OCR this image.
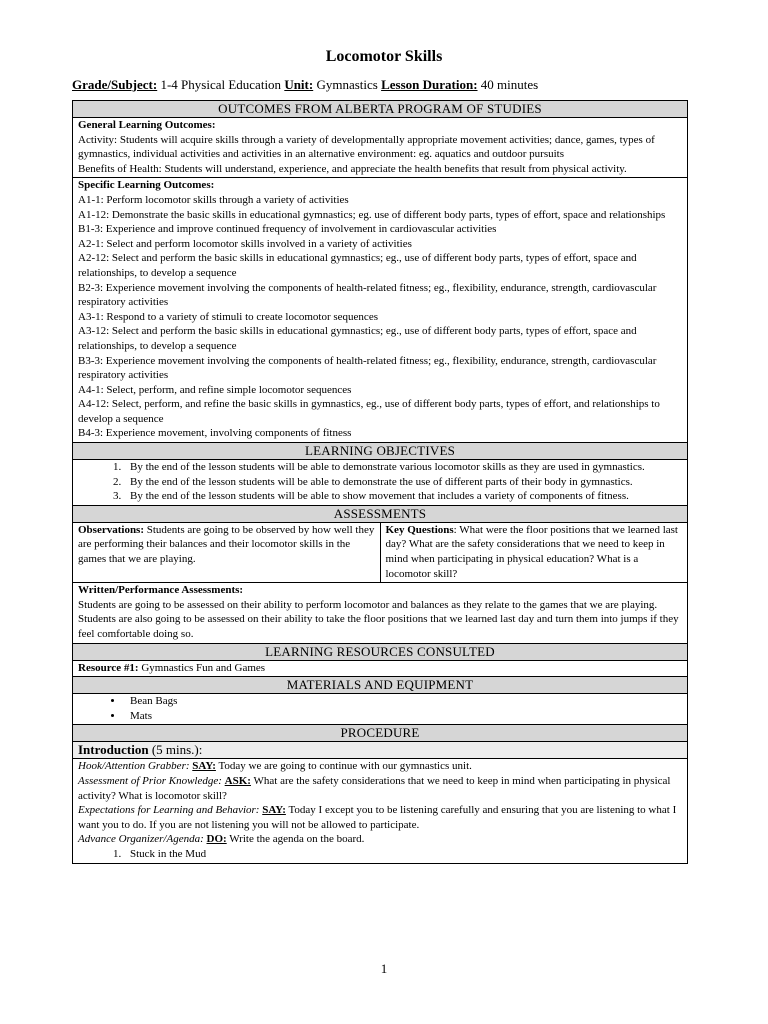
Locomotor Skills
Grade/Subject: 1-4 Physical Education Unit: Gymnastics Lesson Duration: 40 minutes
OUTCOMES FROM ALBERTA PROGRAM OF STUDIES
General Learning Outcomes:
Activity: Students will acquire skills through a variety of developmentally appropriate movement activities; dance, games, types of gymnastics, individual activities and activities in an alternative environment: eg. aquatics and outdoor pursuits
Benefits of Health: Students will understand, experience, and appreciate the health benefits that result from physical activity.
Specific Learning Outcomes:
A1-1: Perform locomotor skills through a variety of activities
A1-12: Demonstrate the basic skills in educational gymnastics; eg. use of different body parts, types of effort, space and relationships
B1-3: Experience and improve continued frequency of involvement in cardiovascular activities
A2-1: Select and perform locomotor skills involved in a variety of activities
A2-12: Select and perform the basic skills in educational gymnastics; eg., use of different body parts, types of effort, space and relationships, to develop a sequence
B2-3: Experience movement involving the components of health-related fitness; eg., flexibility, endurance, strength, cardiovascular respiratory activities
A3-1: Respond to a variety of stimuli to create locomotor sequences
A3-12: Select and perform the basic skills in educational gymnastics; eg., use of different body parts, types of effort, space and relationships, to develop a sequence
B3-3: Experience movement involving the components of health-related fitness; eg., flexibility, endurance, strength, cardiovascular respiratory activities
A4-1: Select, perform, and refine simple locomotor sequences
A4-12: Select, perform, and refine the basic skills in gymnastics, eg., use of different body parts, types of effort, and relationships to develop a sequence
B4-3: Experience movement, involving components of fitness
LEARNING OBJECTIVES
1. By the end of the lesson students will be able to demonstrate various locomotor skills as they are used in gymnastics.
2. By the end of the lesson students will be able to demonstrate the use of different parts of their body in gymnastics.
3. By the end of the lesson students will be able to show movement that includes a variety of components of fitness.
ASSESSMENTS
Observations: Students are going to be observed by how well they are performing their balances and their locomotor skills in the games that we are playing.
Key Questions: What were the floor positions that we learned last day? What are the safety considerations that we need to keep in mind when participating in physical education? What is a locomotor skill?
Written/Performance Assessments:
Students are going to be assessed on their ability to perform locomotor and balances as they relate to the games that we are playing. Students are also going to be assessed on their ability to take the floor positions that we learned last day and turn them into jumps if they feel comfortable doing so.
LEARNING RESOURCES CONSULTED
Resource #1: Gymnastics Fun and Games
MATERIALS AND EQUIPMENT
• Bean Bags
• Mats
PROCEDURE
Introduction (5 mins.):
Hook/Attention Grabber: SAY: Today we are going to continue with our gymnastics unit.
Assessment of Prior Knowledge: ASK: What are the safety considerations that we need to keep in mind when participating in physical activity? What is locomotor skill?
Expectations for Learning and Behavior: SAY: Today I except you to be listening carefully and ensuring that you are listening to what I want you to do. If you are not listening you will not be allowed to participate.
Advance Organizer/Agenda: DO: Write the agenda on the board.
1. Stuck in the Mud
1
